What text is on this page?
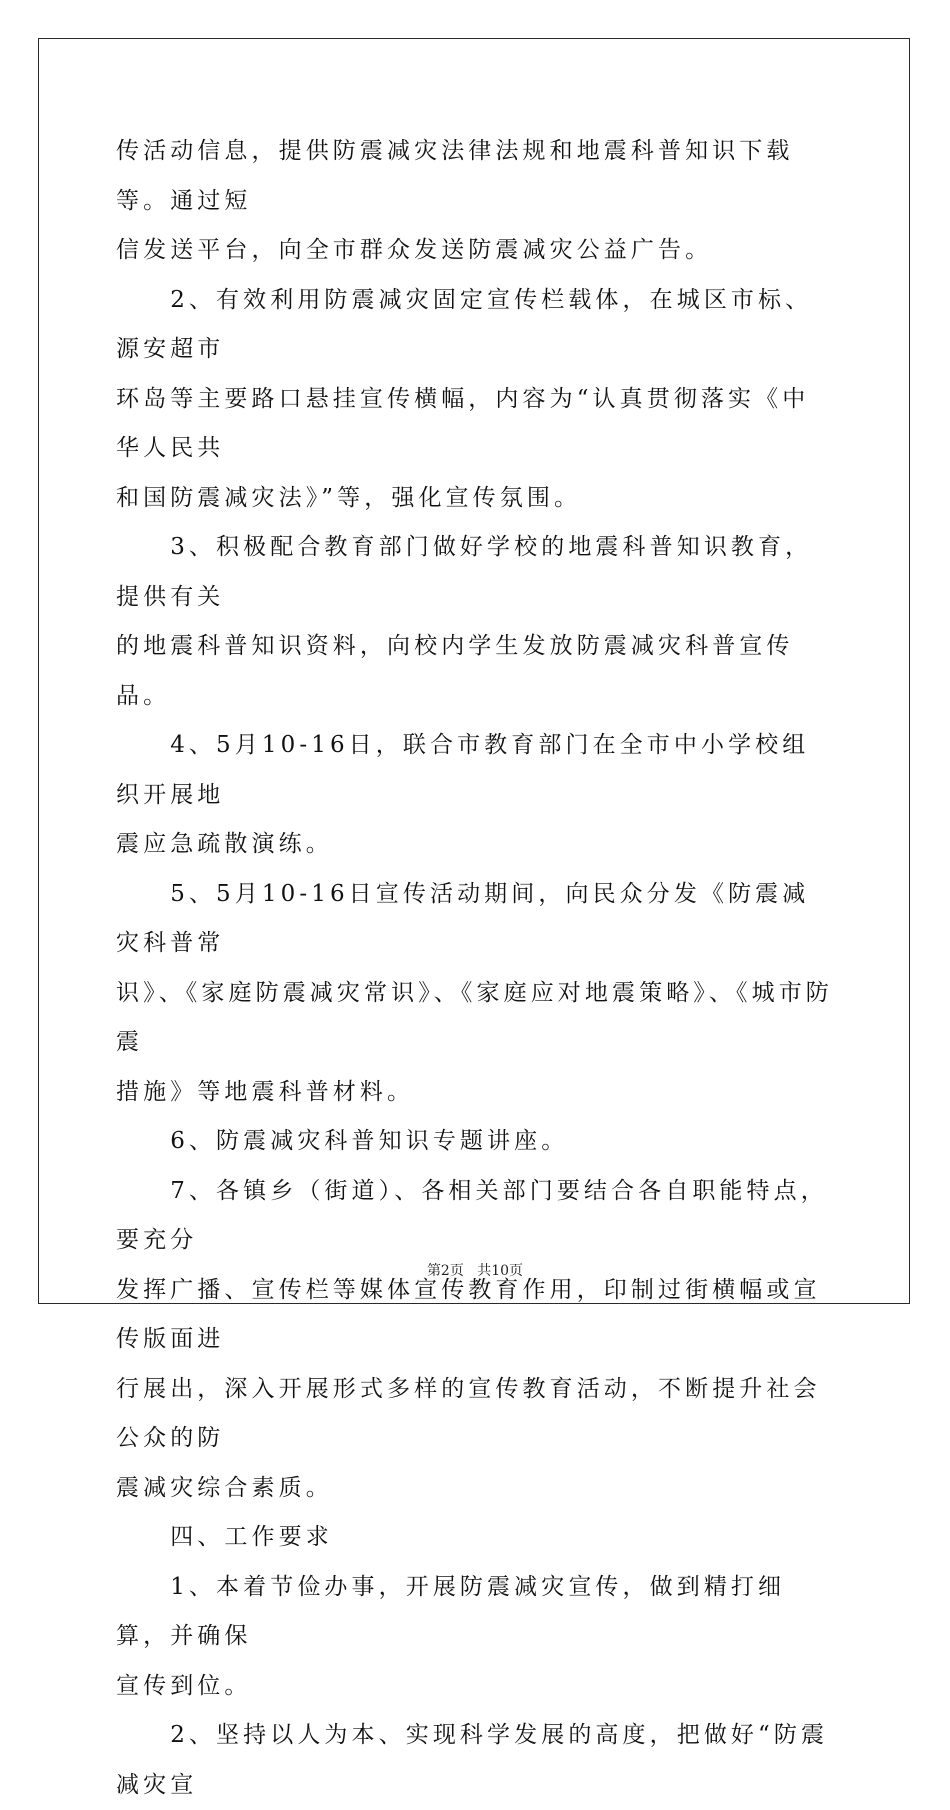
传活动信息，提供防震减灾法律法规和地震科普知识下载等。通过短
信发送平台，向全市群众发送防震减灾公益广告。

　　2、有效利用防震减灾固定宣传栏载体，在城区市标、源安超市
环岛等主要路口悬挂宣传横幅，内容为“认真贯彻落实《中华人民共
和国防震减灾法》”等，强化宣传氛围。

　　3、积极配合教育部门做好学校的地震科普知识教育，提供有关
的地震科普知识资料，向校内学生发放防震减灾科普宣传品。

　　4、5月10-16日，联合市教育部门在全市中小学校组织开展地
震应急疏散演练。

　　5、5月10-16日宣传活动期间，向民众分发《防震减灾科普常
识》、《家庭防震减灾常识》、《家庭应对地震策略》、《城市防震
措施》等地震科普材料。

　　6、防震减灾科普知识专题讲座。

　　7、各镇乡（街道）、各相关部门要结合各自职能特点，要充分
发挥广播、宣传栏等媒体宣传教育作用，印制过街横幅或宣传版面进
行展出，深入开展形式多样的宣传教育活动，不断提升社会公众的防
震减灾综合素质。

　　四、工作要求

　　1、本着节俭办事，开展防震减灾宣传，做到精打细算，并确保
宣传到位。

　　2、坚持以人为本、实现科学发展的高度，把做好“防震减灾宣

第2页 共10页
